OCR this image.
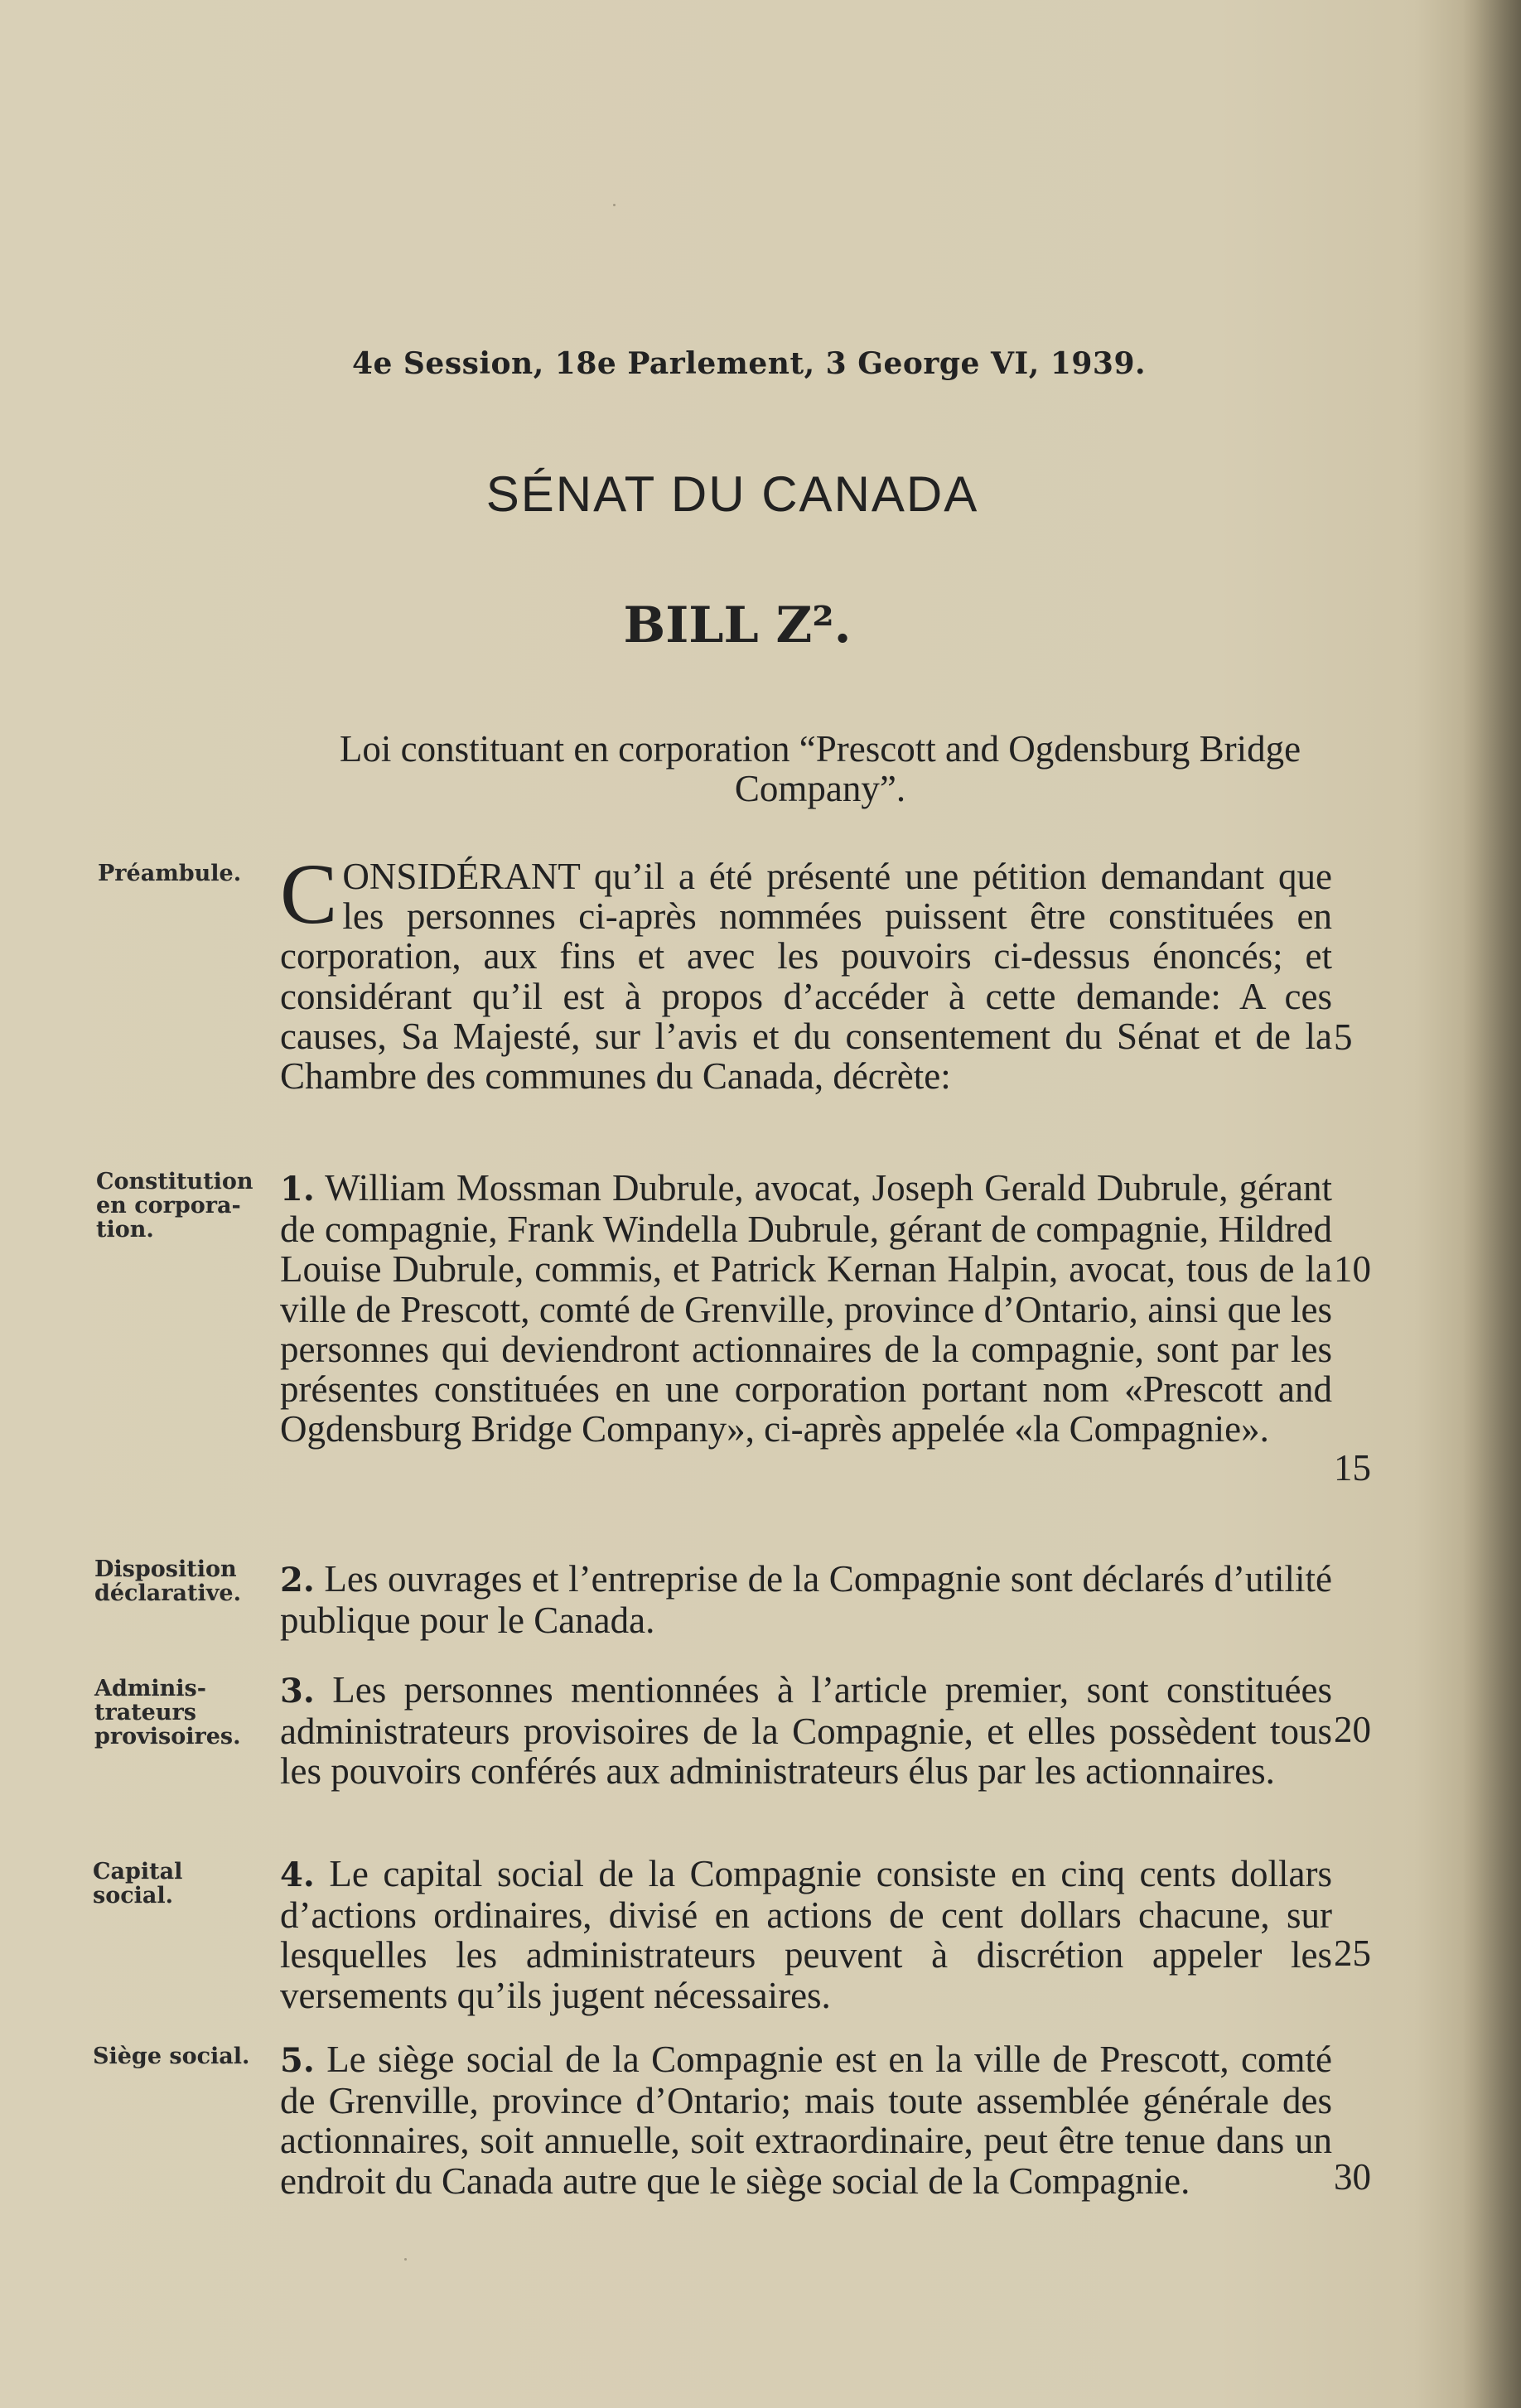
4e Session, 18e Parlement, 3 George VI, 1939.
SÉNAT DU CANADA
BILL Z².
Loi constituant en corporation “Prescott and Ogdensburg Bridge Company”.
Préambule.
Constitution en corpora- tion.
Disposition déclarative.
Adminis- trateurs provisoires.
Capital social.
Siège social.
CONSIDÉRANT qu’il a été présenté une pétition demandant que les personnes ci-après nommées puissent être constituées en corporation, aux fins et avec les pouvoirs ci-dessus énoncés; et considérant qu’il est à propos d’accéder à cette demande: A ces causes, Sa Majesté, sur l’avis et du consentement du Sénat et de la Chambre des communes du Canada, décrète:
1. William Mossman Dubrule, avocat, Joseph Gerald Dubrule, gérant de compagnie, Frank Windella Dubrule, gérant de compagnie, Hildred Louise Dubrule, commis, et Patrick Kernan Halpin, avocat, tous de la ville de Prescott, comté de Grenville, province d’Ontario, ainsi que les personnes qui deviendront actionnaires de la compagnie, sont par les présentes constituées en une corporation portant nom «Prescott and Ogdensburg Bridge Company», ci-après appelée «la Compagnie».
2. Les ouvrages et l’entreprise de la Compagnie sont déclarés d’utilité publique pour le Canada.
3. Les personnes mentionnées à l’article premier, sont constituées administrateurs provisoires de la Compagnie, et elles possèdent tous les pouvoirs conférés aux administrateurs élus par les actionnaires.
4. Le capital social de la Compagnie consiste en cinq cents dollars d’actions ordinaires, divisé en actions de cent dollars chacune, sur lesquelles les administrateurs peuvent à discrétion appeler les versements qu’ils jugent nécessaires.
5. Le siège social de la Compagnie est en la ville de Prescott, comté de Grenville, province d’Ontario; mais toute assemblée générale des actionnaires, soit annuelle, soit extraordinaire, peut être tenue dans un endroit du Canada autre que le siège social de la Compagnie.
5
10
15
20
25
30
